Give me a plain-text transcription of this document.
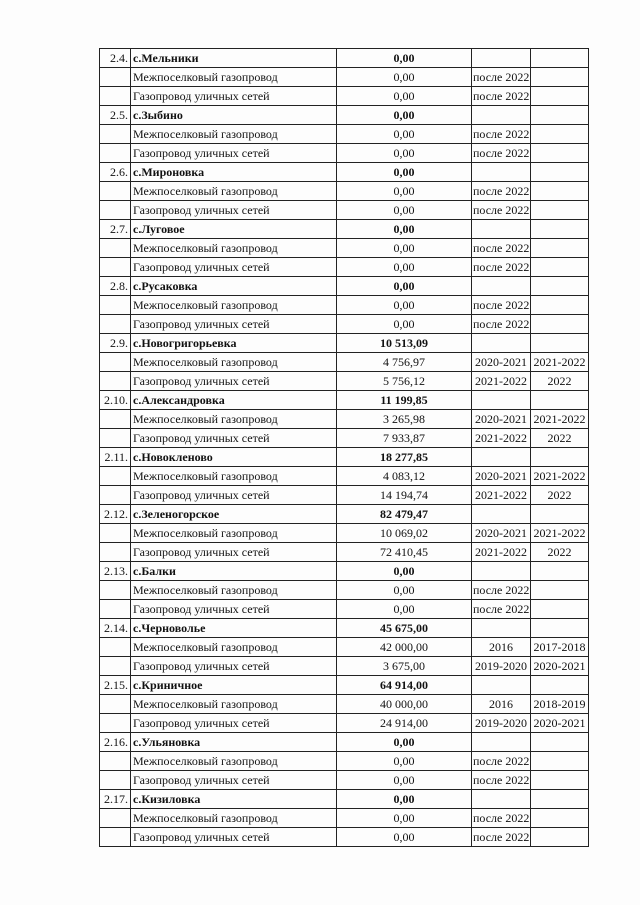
2.4.	с.Мельники	0,00		
	Межпоселковый газопровод	0,00	после 2022	
	Газопровод уличных сетей	0,00	после 2022	
2.5.	с.Зыбино	0,00		
	Межпоселковый газопровод	0,00	после 2022	
	Газопровод уличных сетей	0,00	после 2022	
2.6.	с.Мироновка	0,00		
	Межпоселковый газопровод	0,00	после 2022	
	Газопровод уличных сетей	0,00	после 2022	
2.7.	с.Луговое	0,00		
	Межпоселковый газопровод	0,00	после 2022	
	Газопровод уличных сетей	0,00	после 2022	
2.8.	с.Русаковка	0,00		
	Межпоселковый газопровод	0,00	после 2022	
	Газопровод уличных сетей	0,00	после 2022	
2.9.	с.Новогригорьевка	10 513,09		
	Межпоселковый газопровод	4 756,97	2020-2021	2021-2022
	Газопровод уличных сетей	5 756,12	2021-2022	2022
2.10.	с.Александровка	11 199,85		
	Межпоселковый газопровод	3 265,98	2020-2021	2021-2022
	Газопровод уличных сетей	7 933,87	2021-2022	2022
2.11.	с.Новокленово	18 277,85		
	Межпоселковый газопровод	4 083,12	2020-2021	2021-2022
	Газопровод уличных сетей	14 194,74	2021-2022	2022
2.12.	с.Зеленогорское	82 479,47		
	Межпоселковый газопровод	10 069,02	2020-2021	2021-2022
	Газопровод уличных сетей	72 410,45	2021-2022	2022
2.13.	с.Балки	0,00		
	Межпоселковый газопровод	0,00	после 2022	
	Газопровод уличных сетей	0,00	после 2022	
2.14.	с.Черноволье	45 675,00		
	Межпоселковый газопровод	42 000,00	2016	2017-2018
	Газопровод уличных сетей	3 675,00	2019-2020	2020-2021
2.15.	с.Криничное	64 914,00		
	Межпоселковый газопровод	40 000,00	2016	2018-2019
	Газопровод уличных сетей	24 914,00	2019-2020	2020-2021
2.16.	с.Ульяновка	0,00		
	Межпоселковый газопровод	0,00	после 2022	
	Газопровод уличных сетей	0,00	после 2022	
2.17.	с.Кизиловка	0,00		
	Межпоселковый газопровод	0,00	после 2022	
	Газопровод уличных сетей	0,00	после 2022	
